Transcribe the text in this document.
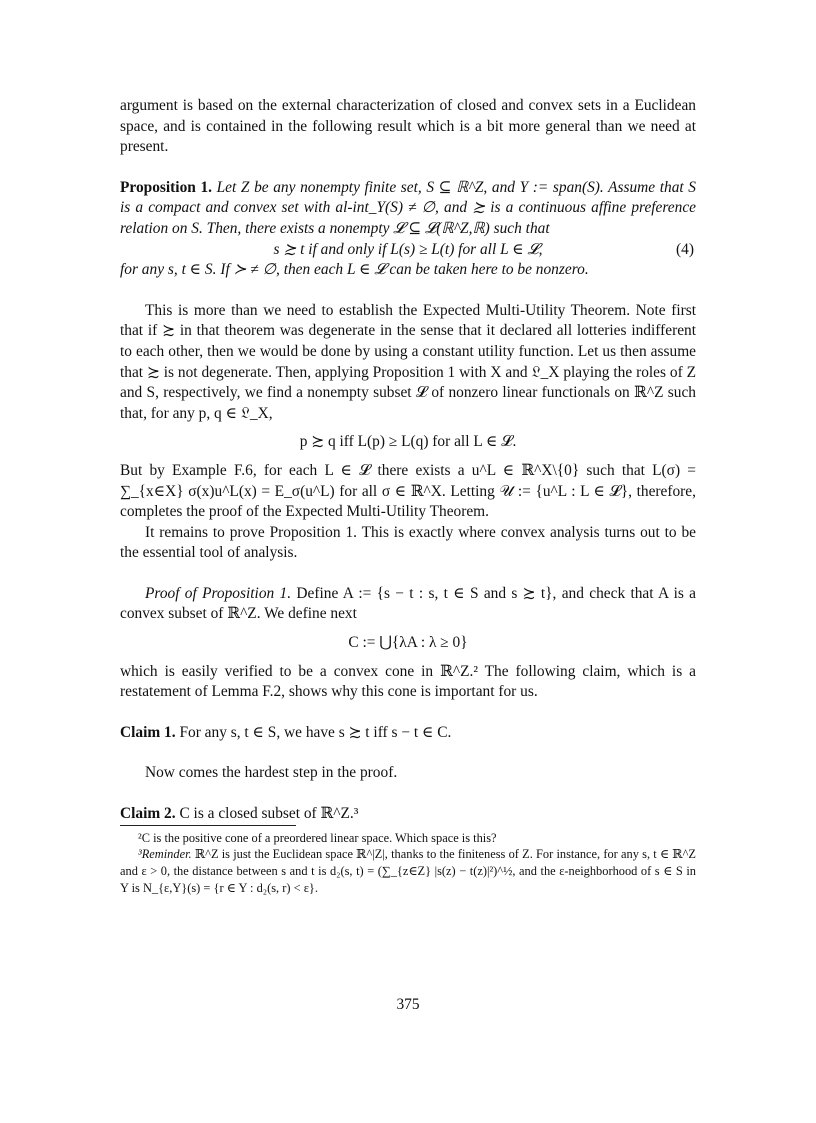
argument is based on the external characterization of closed and convex sets in a Euclidean space, and is contained in the following result which is a bit more general than we need at present.

Proposition 1. Let Z be any nonempty finite set, S ⊆ ℝ^Z, and Y := span(S). Assume that S is a compact and convex set with al-int_Y(S) ≠ ∅, and ≿ is a continuous affine preference relation on S. Then, there exists a nonempty 𝓛 ⊆ 𝓛(ℝ^Z,ℝ) such that

s ≿ t if and only if L(s) ≥ L(t) for all L ∈ 𝓛,	(4)

for any s, t ∈ S. If ≻ ≠ ∅, then each L ∈ 𝓛 can be taken here to be nonzero.

This is more than we need to establish the Expected Multi-Utility Theorem. Note first that if ≿ in that theorem was degenerate in the sense that it declared all lotteries indifferent to each other, then we would be done by using a constant utility function. Let us then assume that ≿ is not degenerate. Then, applying Proposition 1 with X and 𝔏_X playing the roles of Z and S, respectively, we find a nonempty subset 𝓛 of nonzero linear functionals on ℝ^Z such that, for any p, q ∈ 𝔏_X,

p ≿ q iff L(p) ≥ L(q) for all L ∈ 𝓛.

But by Example F.6, for each L ∈ 𝓛 there exists a u^L ∈ ℝ^X\{0} such that L(σ) = ∑_{x∈X} σ(x)u^L(x) = E_σ(u^L) for all σ ∈ ℝ^X. Letting 𝒰 := {u^L : L ∈ 𝓛}, therefore, completes the proof of the Expected Multi-Utility Theorem.

It remains to prove Proposition 1. This is exactly where convex analysis turns out to be the essential tool of analysis.

Proof of Proposition 1. Define A := {s − t : s, t ∈ S and s ≿ t}, and check that A is a convex subset of ℝ^Z. We define next

C := ⋃{λA : λ ≥ 0}

which is easily verified to be a convex cone in ℝ^Z.² The following claim, which is a restatement of Lemma F.2, shows why this cone is important for us.

Claim 1. For any s, t ∈ S, we have s ≿ t iff s − t ∈ C.

Now comes the hardest step in the proof.

Claim 2. C is a closed subset of ℝ^Z.³

²C is the positive cone of a preordered linear space. Which space is this?

³Reminder. ℝ^Z is just the Euclidean space ℝ^|Z|, thanks to the finiteness of Z. For instance, for any s, t ∈ ℝ^Z and ε > 0, the distance between s and t is d₂(s, t) = (∑_{z∈Z} |s(z) − t(z)|²)^½, and the ε-neighborhood of s ∈ S in Y is N_{ε,Y}(s) = {r ∈ Y : d₂(s, r) < ε}.

375
